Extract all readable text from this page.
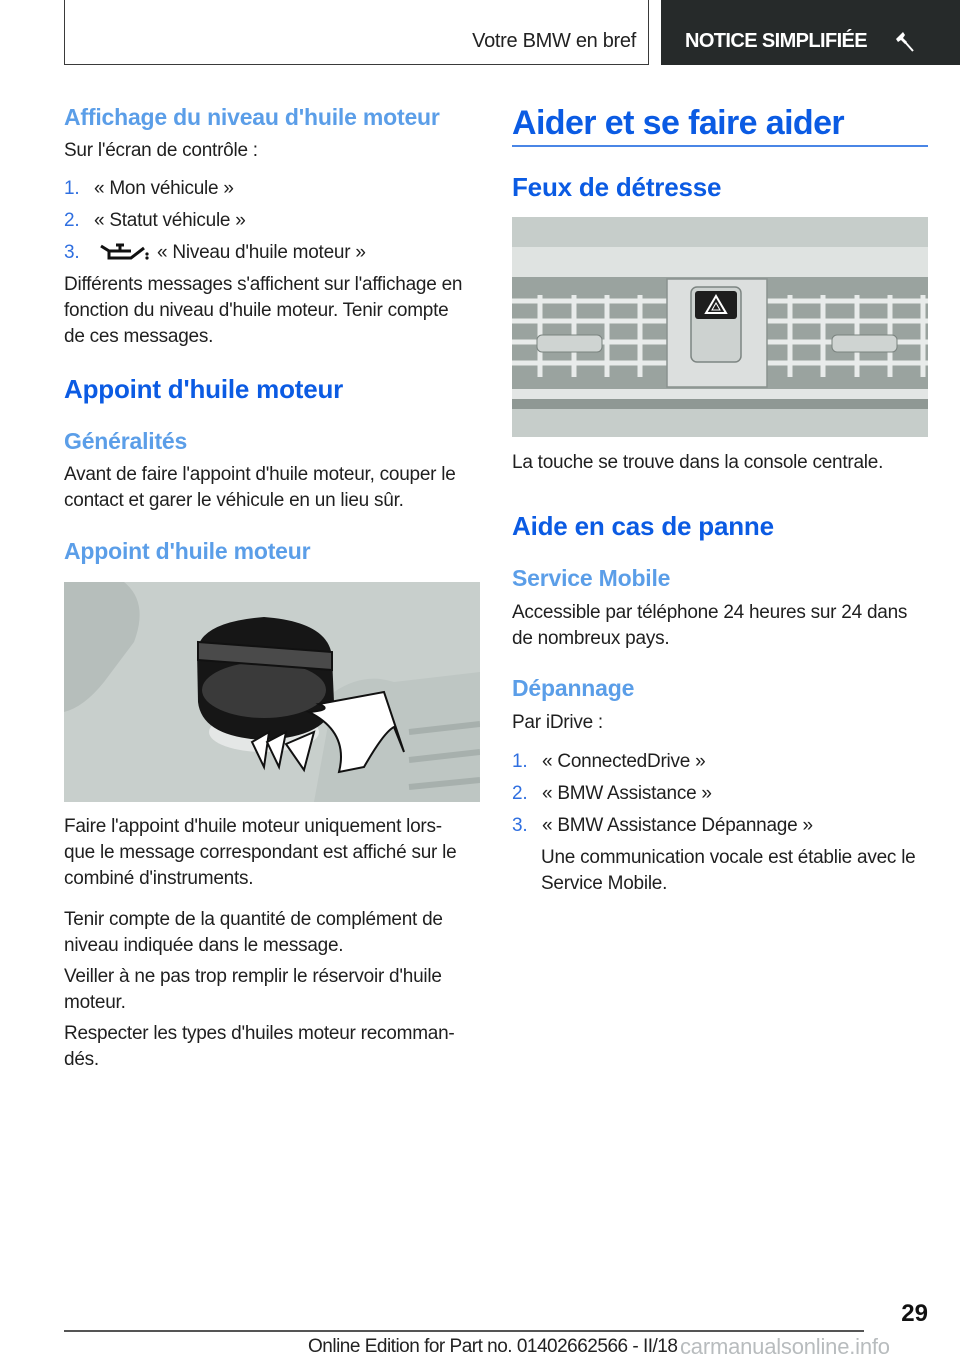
Votre BMW en bref NOTICE SIMPLIFIÉE
Affichage du niveau d'huile moteur
Sur l'écran de contrôle :
1. « Mon véhicule »
2. « Statut véhicule »
3.	« Niveau d'huile moteur »
Différents messages s'affichent sur l'affichage en
fonction du niveau d'huile moteur. Tenir compte
de ces messages.
Appoint d'huile moteur
Généralités
Avant de faire l'appoint d'huile moteur, couper le
contact et garer le véhicule en un lieu sûr.
Appoint d'huile moteur
Faire l'appoint d'huile moteur uniquement lors-
que le message correspondant est affiché sur le
combiné d'instruments.
Tenir compte de la quantité de complément de
niveau indiquée dans le message.
Veiller à ne pas trop remplir le réservoir d'huile
moteur.
Respecter les types d'huiles moteur recomman-
dés.
Aider et se faire aider
Feux de détresse
La touche se trouve dans la console centrale.
Aide en cas de panne
Service Mobile
Accessible par téléphone 24 heures sur 24 dans
de nombreux pays.
Dépannage
Par iDrive :
1. « ConnectedDrive »
2. « BMW Assistance »
3. « BMW Assistance Dépannage »
Une communication vocale est établie avec le
Service Mobile.
29
Online Edition for Part no. 01402662566 - II/18 carmanualsonline.info
